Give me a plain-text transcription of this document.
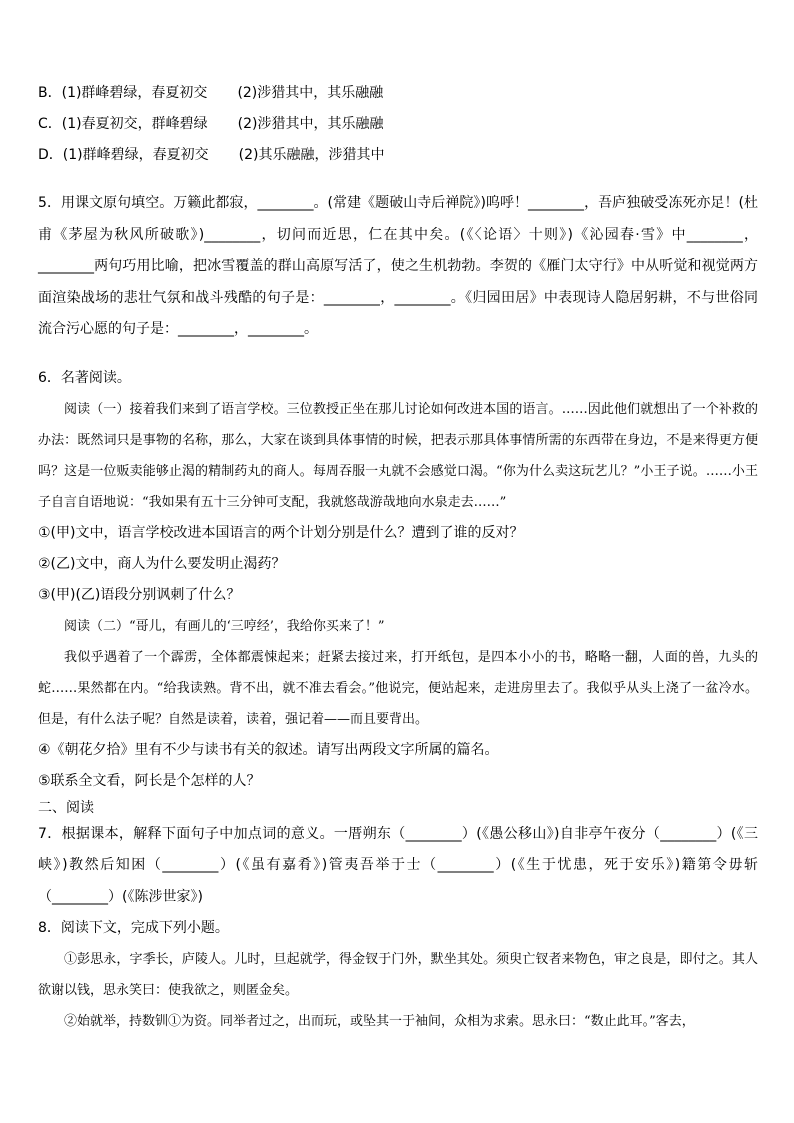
B．(1)群峰碧绿，春夏初交 (2)涉猎其中，其乐融融
C．(1)春夏初交，群峰碧绿 (2)涉猎其中，其乐融融
D．(1)群峰碧绿，春夏初交 (2)其乐融融，涉猎其中
5．用课文原句填空。万籁此都寂，________。(常建《题破山寺后禅院》)呜呼！________，吾庐独破受冻死亦足！(杜甫《茅屋为秋风所破歌》)________，切问而近思，仁在其中矣。(《〈论语〉十则》)《沁园春·雪》中________，________两句巧用比喻，把冰雪覆盖的群山高原写活了，使之生机勃勃。李贺的《雁门太守行》中从听觉和视觉两方面渲染战场的悲壮气氛和战斗残酷的句子是：________，________。《归园田居》中表现诗人隐居躬耕，不与世俗同流合污心愿的句子是：________，________。
6．名著阅读。
阅读（一）接着我们来到了语言学校。三位教授正坐在那儿讨论如何改进本国的语言。……因此他们就想出了一个补救的办法：既然词只是事物的名称，那么，大家在谈到具体事情的时候，把表示那具体事情所需的东西带在身边，不是来得更方便吗？这是一位贩卖能够止渴的精制药丸的商人。每周吞服一丸就不会感觉口渴。“你为什么卖这玩艺儿？”小王子说。……小王子自言自语地说：“我如果有五十三分钟可支配，我就悠哉游哉地向水泉走去……”
①(甲)文中，语言学校改进本国语言的两个计划分别是什么？遭到了谁的反对？
②(乙)文中，商人为什么要发明止渴药？
③(甲)(乙)语段分别讽刺了什么？
阅读（二）“哥儿，有画儿的‘三哼经’，我给你买来了！”
我似乎遇着了一个霹雳，全体都震悚起来；赶紧去接过来，打开纸包，是四本小小的书，略略一翻，人面的兽，九头的蛇……果然都在内。“给我读熟。背不出，就不准去看会。”他说完，便站起来，走进房里去了。我似乎从头上浇了一盆冷水。但是，有什么法子呢？自然是读着，读着，强记着——而且要背出。
④《朝花夕拾》里有不少与读书有关的叙述。请写出两段文字所属的篇名。
⑤联系全文看，阿长是个怎样的人？
二、阅读
7．根据课本，解释下面句子中加点词的意义。一厝朔东（________）(《愚公移山》)自非亭午夜分（________）(《三峡》)教然后知困（________）(《虽有嘉肴》)管夷吾举于士（________）(《生于忧患，死于安乐》)籍第令毋斩（________）(《陈涉世家》)
8．阅读下文，完成下列小题。
①彭思永，字季长，庐陵人。儿时，旦起就学，得金钗于门外，默坐其处。须臾亡钗者来物色，审之良是，即付之。其人欲谢以钱，思永笑曰：使我欲之，则匿金矣。
②始就举，持数钏①为资。同举者过之，出而玩，或坠其一于袖间，众相为求索。思永曰：“数止此耳。”客去，
